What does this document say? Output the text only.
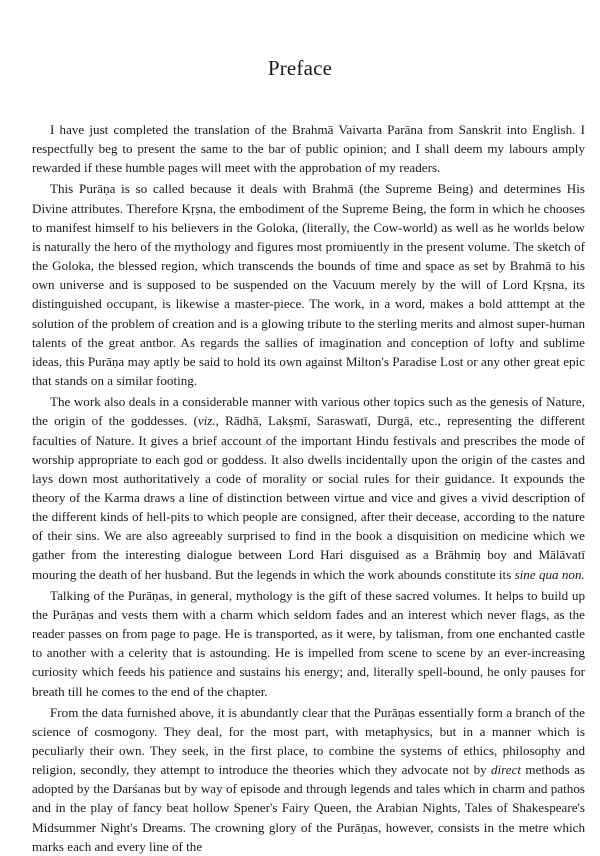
Preface

I have just completed the translation of the Brahmā Vaivarta Parāna from Sanskrit into English. I respectfully beg to present the same to the bar of public opinion; and I shall deem my labours amply rewarded if these humble pages will meet with the approbation of my readers.

This Purāṇa is so called because it deals with Brahmā (the Supreme Being) and determines His Divine attributes. Therefore Kṛṣna, the embodiment of the Supreme Being, the form in which he chooses to manifest himself to his believers in the Goloka, (literally, the Cow-world) as well as he worlds below is naturally the hero of the mythology and figures most promiuently in the present volume. The sketch of the Goloka, the blessed region, which transcends the bounds of time and space as set by Brahmā to his own universe and is supposed to be suspended on the Vacuum merely by the will of Lord Kṛṣna, its distinguished occupant, is likewise a master-piece. The work, in a word, makes a bold atttempt at the solution of the problem of creation and is a glowing tribute to the sterling merits and almost super-human talents of the great antbor. As regards the sallies of imagination and conception of lofty and sublime ideas, this Purāṇa may aptly be said to hold its own against Milton's Paradise Lost or any other great epic that stands on a similar footing.

The work also deals in a considerable manner with various other topics such as the genesis of Nature, the origin of the goddesses. (viz., Rādhā, Lakṣmī, Saraswatī, Durgā, etc., representing the different faculties of Nature. It gives a brief account of the important Hindu festivals and prescribes the mode of worship appropriate to each god or goddess. It also dwells incidentally upon the origin of the castes and lays down most authoritatively a code of morality or social rules for their guidance. It expounds the theory of the Karma draws a line of distinction between virtue and vice and gives a vivid description of the different kinds of hell-pits to which people are consigned, after their decease, according to the nature of their sins. We are also agreeably surprised to find in the book a disquisition on medicine which we gather from the interesting dialogue between Lord Hari disguised as a Brāhmiṇ boy and Mālāvatī mouring the death of her husband. But the legends in which the work abounds constitute its sine qua non.

Talking of the Purāṇas, in general, mythology is the gift of these sacred volumes. It helps to build up the Purāṇas and vests them with a charm which seldom fades and an interest which never flags, as the reader passes on from page to page. He is transported, as it were, by talisman, from one enchanted castle to another with a celerity that is astounding. He is impelled from scene to scene by an ever-increasing curiosity which feeds his patience and sustains his energy; and, literally spell-bound, he only pauses for breath till he comes to the end of the chapter.

From the data furnished above, it is abundantly clear that the Purāṇas essentially form a branch of the science of cosmogony. They deal, for the most part, with metaphysics, but in a manner which is peculiarly their own. They seek, in the first place, to combine the systems of ethics, philosophy and religion, secondly, they attempt to introduce the theories which they advocate not by direct methods as adopted by the Darśanas but by way of episode and through legends and tales which in charm and pathos and in the play of fancy beat hollow Spener's Fairy Queen, the Arabian Nights, Tales of Shakespeare's Midsummer Night's Dreams. The crowning glory of the Purāṇas, however, consists in the metre which marks each and every line of the
